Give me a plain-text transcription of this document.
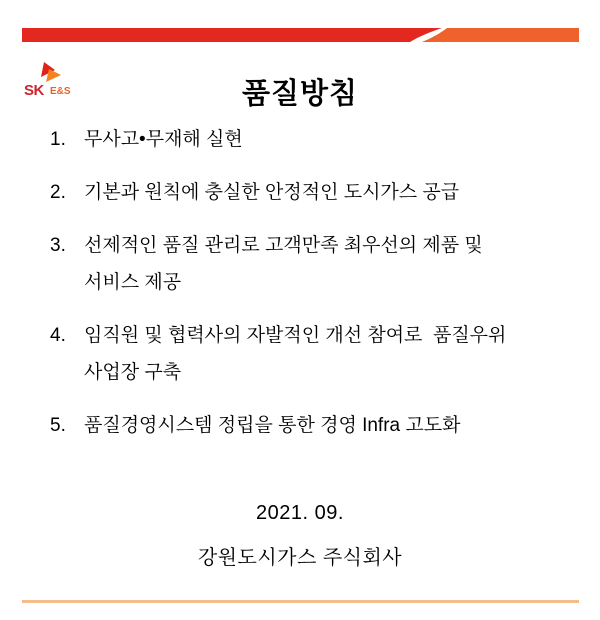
SK E&S	품질방침
1. 무사고•무재해 실현
2. 기본과 원칙에 충실한 안정적인 도시가스 공급
3. 선제적인 품질 관리로 고객만족 최우선의 제품 및
서비스 제공
4. 임직원 및 협력사의 자발적인 개선 참여로  품질우위
사업장 구축
5. 품질경영시스템 정립을 통한 경영 Infra 고도화
2021. 09.
강원도시가스 주식회사
